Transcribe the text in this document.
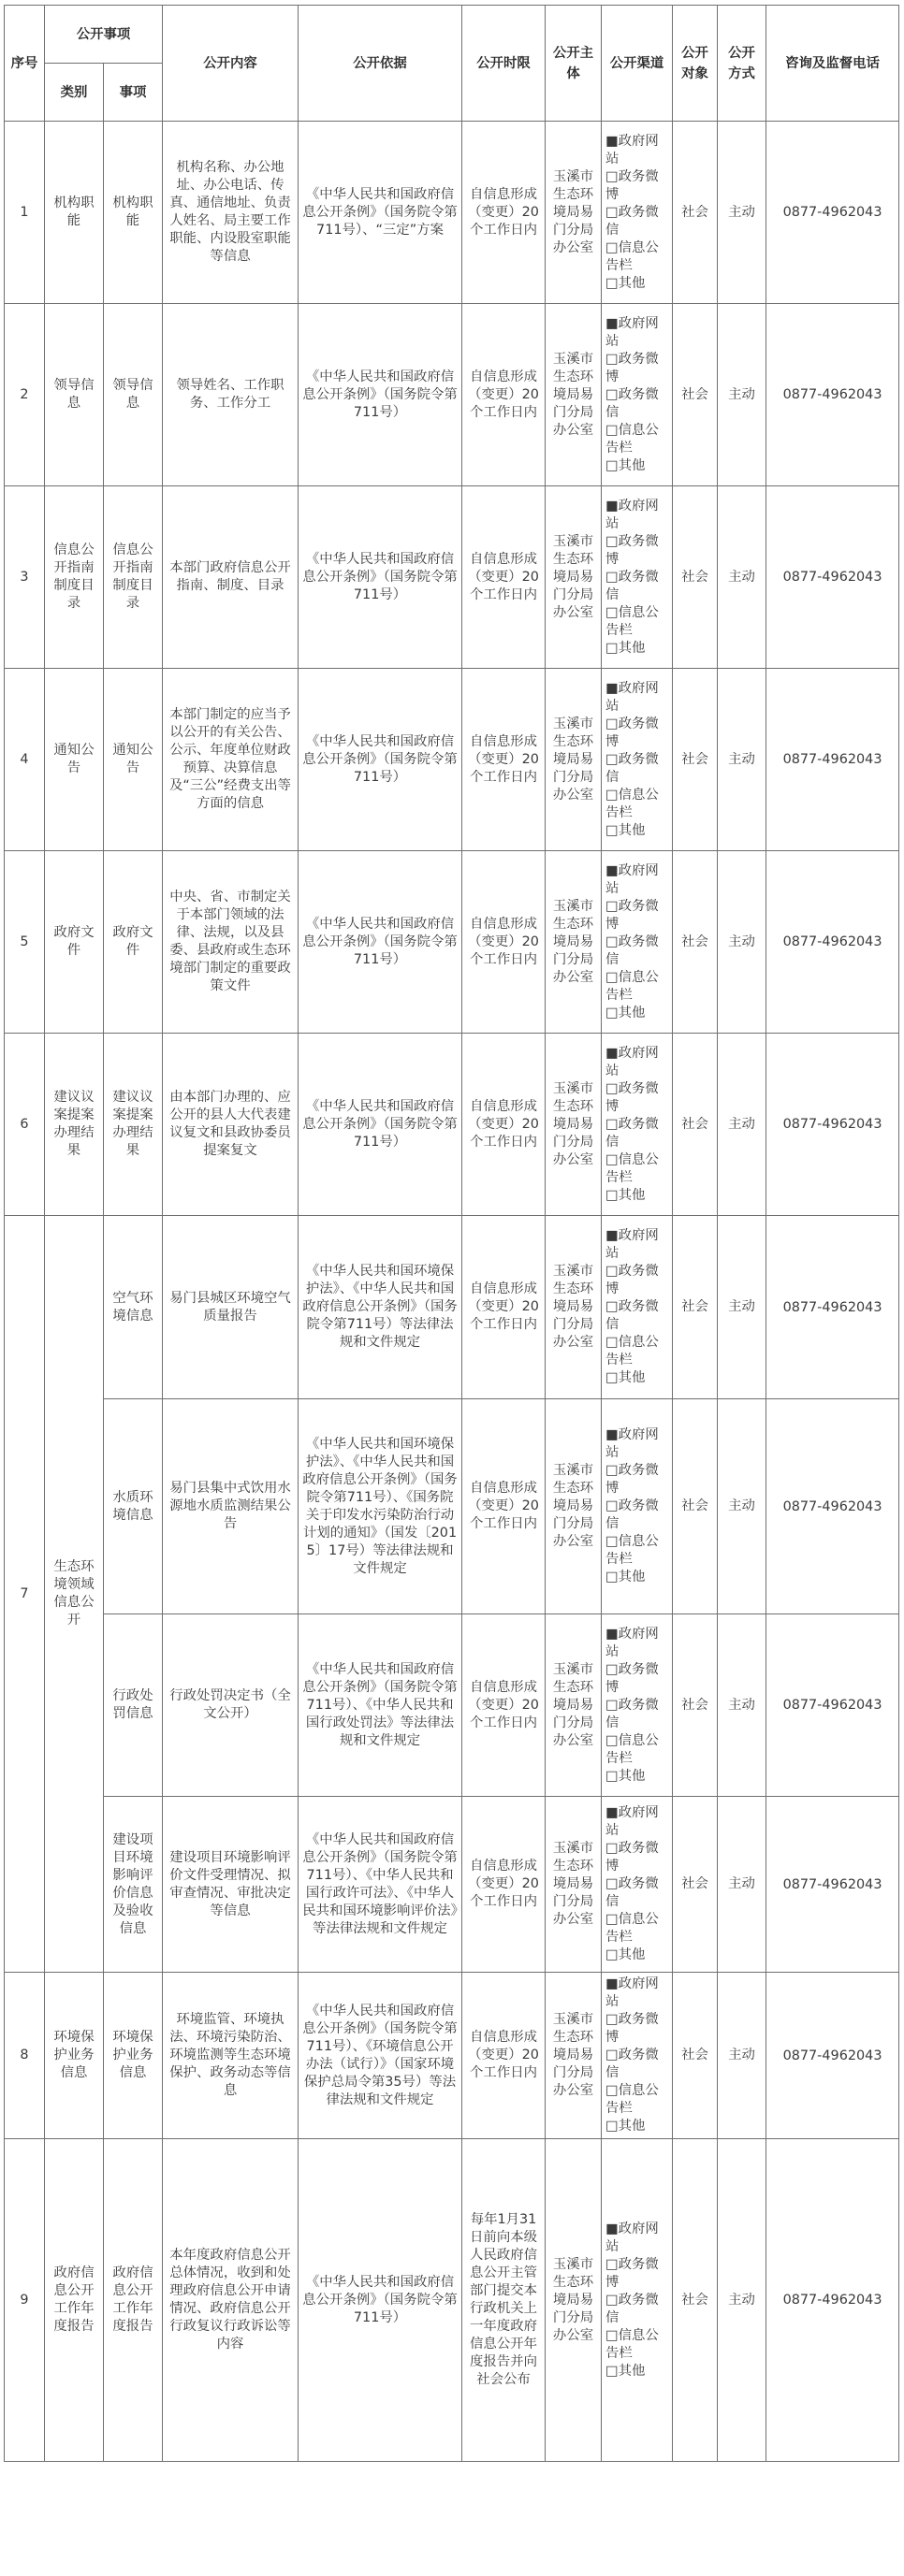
序号	公开事项		公开内容	公开依据	公开时限	公开主体	公开渠道	公开对象	公开方式	咨询及监督电话
	类别	事项								
1	机构职能	机构职能	机构名称、办公地址、办公电话、传真、通信地址、负责人姓名、局主要工作职能、内设股室职能等信息	《中华人民共和国政府信息公开条例》（国务院令第711号）、“三定”方案	自信息形成（变更）20个工作日内	玉溪市生态环境局易门分局办公室	■政府网站
□政务微博
□政务微信
□信息公告栏
□其他	社会	主动	0877-4962043
2	领导信息	领导信息	领导姓名、工作职务、工作分工	《中华人民共和国政府信息公开条例》（国务院令第711号）	自信息形成（变更）20个工作日内	玉溪市生态环境局易门分局办公室	■政府网站
□政务微博
□政务微信
□信息公告栏
□其他	社会	主动	0877-4962043
3	信息公开指南制度目录	信息公开指南制度目录	本部门政府信息公开指南、制度、目录	《中华人民共和国政府信息公开条例》（国务院令第711号）	自信息形成（变更）20个工作日内	玉溪市生态环境局易门分局办公室	■政府网站
□政务微博
□政务微信
□信息公告栏
□其他	社会	主动	0877-4962043
4	通知公告	通知公告	本部门制定的应当予以公开的有关公告、公示、年度单位财政预算、决算信息及“三公”经费支出等方面的信息	《中华人民共和国政府信息公开条例》（国务院令第711号）	自信息形成（变更）20个工作日内	玉溪市生态环境局易门分局办公室	■政府网站
□政务微博
□政务微信
□信息公告栏
□其他	社会	主动	0877-4962043
5	政府文件	政府文件	中央、省、市制定关于本部门领域的法律、法规，以及县委、县政府或生态环境部门制定的重要政策文件	《中华人民共和国政府信息公开条例》（国务院令第711号）	自信息形成（变更）20个工作日内	玉溪市生态环境局易门分局办公室	■政府网站
□政务微博
□政务微信
□信息公告栏
□其他	社会	主动	0877-4962043
6	建议议案提案办理结果	建议议案提案办理结果	由本部门办理的、应公开的县人大代表建议复文和县政协委员提案复文	《中华人民共和国政府信息公开条例》（国务院令第711号）	自信息形成（变更）20个工作日内	玉溪市生态环境局易门分局办公室	■政府网站
□政务微博
□政务微信
□信息公告栏
□其他	社会	主动	0877-4962043
7	生态环境领域信息公开	空气环境信息	易门县城区环境空气质量报告	《中华人民共和国环境保护法》、《中华人民共和国政府信息公开条例》（国务院令第711号）等法律法规和文件规定	自信息形成（变更）20个工作日内	玉溪市生态环境局易门分局办公室	■政府网站
□政务微博
□政务微信
□信息公告栏
□其他	社会	主动	0877-4962043
		水质环境信息	易门县集中式饮用水源地水质监测结果公告	《中华人民共和国环境保护法》、《中华人民共和国政府信息公开条例》（国务院令第711号）、《国务院关于印发水污染防治行动计划的通知》（国发〔2015〕17号）等法律法规和文件规定	自信息形成（变更）20个工作日内	玉溪市生态环境局易门分局办公室	■政府网站
□政务微博
□政务微信
□信息公告栏
□其他	社会	主动	0877-4962043
		行政处罚信息	行政处罚决定书（全文公开）	《中华人民共和国政府信息公开条例》（国务院令第711号）、《中华人民共和国行政处罚法》等法律法规和文件规定	自信息形成（变更）20个工作日内	玉溪市生态环境局易门分局办公室	■政府网站
□政务微博
□政务微信
□信息公告栏
□其他	社会	主动	0877-4962043
		建设项目环境影响评价信息及验收信息	建设项目环境影响评价文件受理情况、拟审查情况、审批决定等信息	《中华人民共和国政府信息公开条例》（国务院令第711号）、《中华人民共和国行政许可法》、《中华人民共和国环境影响评价法》等法律法规和文件规定	自信息形成（变更）20个工作日内	玉溪市生态环境局易门分局办公室	■政府网站
□政务微博
□政务微信
□信息公告栏
□其他	社会	主动	0877-4962043
8	环境保护业务信息	环境保护业务信息	环境监管、环境执法、环境污染防治、环境监测等生态环境保护、政务动态等信息	《中华人民共和国政府信息公开条例》（国务院令第711号）、《环境信息公开办法（试行）》（国家环境保护总局令第35号）等法律法规和文件规定	自信息形成（变更）20个工作日内	玉溪市生态环境局易门分局办公室	■政府网站
□政务微博
□政务微信
□信息公告栏
□其他	社会	主动	0877-4962043
9	政府信息公开工作年度报告	政府信息公开工作年度报告	本年度政府信息公开总体情况，收到和处理政府信息公开申请情况、政府信息公开行政复议行政诉讼等内容	《中华人民共和国政府信息公开条例》（国务院令第711号）	每年1月31日前向本级人民政府信息公开主管部门提交本行政机关上一年度政府信息公开年度报告并向社会公布	玉溪市生态环境局易门分局办公室	■政府网站
□政务微博
□政务微信
□信息公告栏
□其他	社会	主动	0877-4962043
